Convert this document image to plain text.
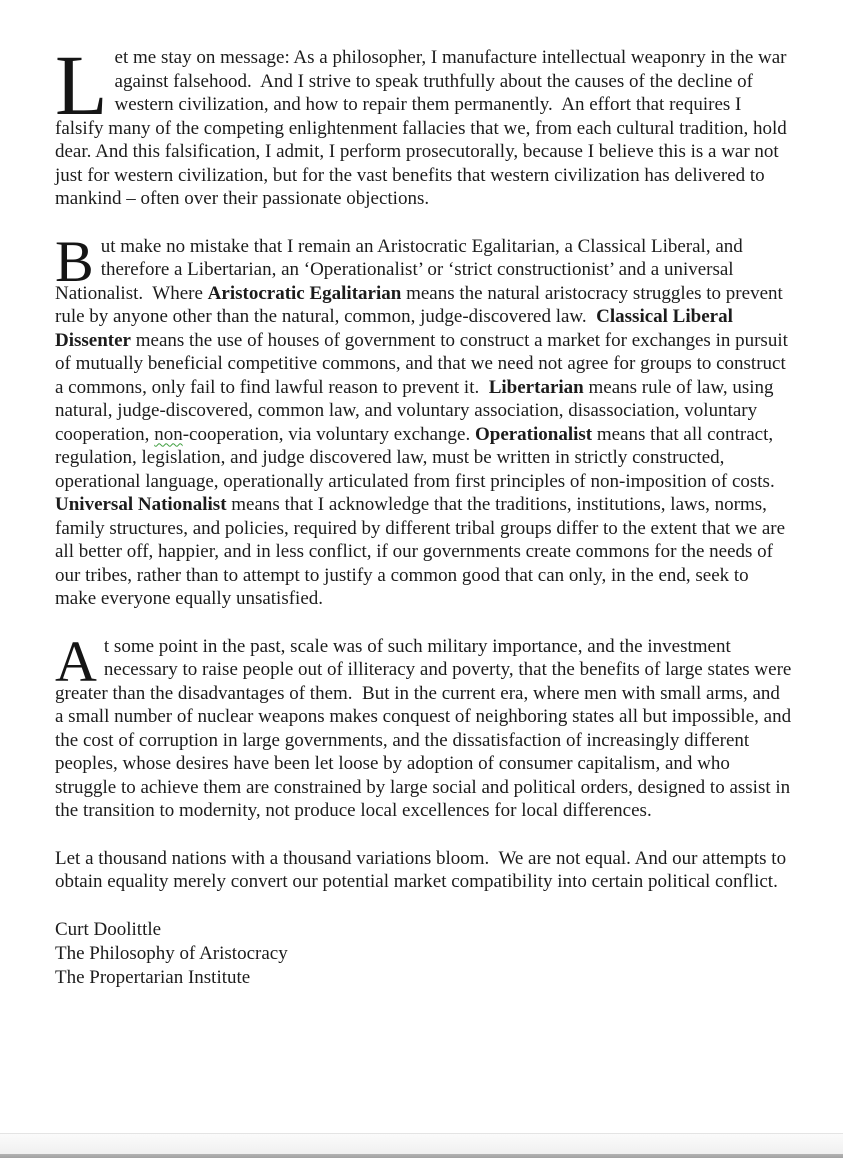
Let me stay on message: As a philosopher, I manufacture intellectual weaponry in the war against falsehood.  And I strive to speak truthfully about the causes of the decline of western civilization, and how to repair them permanently.  An effort that requires I falsify many of the competing enlightenment fallacies that we, from each cultural tradition, hold dear. And this falsification, I admit, I perform prosecutorally, because I believe this is a war not just for western civilization, but for the vast benefits that western civilization has delivered to mankind – often over their passionate objections.

But make no mistake that I remain an Aristocratic Egalitarian, a Classical Liberal, and therefore a Libertarian, an ‘Operationalist’ or ‘strict constructionist’ and a universal Nationalist.  Where Aristocratic Egalitarian means the natural aristocracy struggles to prevent rule by anyone other than the natural, common, judge-discovered law.  Classical Liberal Dissenter means the use of houses of government to construct a market for exchanges in pursuit of mutually beneficial competitive commons, and that we need not agree for groups to construct a commons, only fail to find lawful reason to prevent it.  Libertarian means rule of law, using natural, judge-discovered, common law, and voluntary association, disassociation, voluntary cooperation, non-cooperation, via voluntary exchange. Operationalist means that all contract, regulation, legislation, and judge discovered law, must be written in strictly constructed, operational language, operationally articulated from first principles of non-imposition of costs.  Universal Nationalist means that I acknowledge that the traditions, institutions, laws, norms, family structures, and policies, required by different tribal groups differ to the extent that we are all better off, happier, and in less conflict, if our governments create commons for the needs of our tribes, rather than to attempt to justify a common good that can only, in the end, seek to make everyone equally unsatisfied.

At some point in the past, scale was of such military importance, and the investment necessary to raise people out of illiteracy and poverty, that the benefits of large states were greater than the disadvantages of them.  But in the current era, where men with small arms, and a small number of nuclear weapons makes conquest of neighboring states all but impossible, and the cost of corruption in large governments, and the dissatisfaction of increasingly different peoples, whose desires have been let loose by adoption of consumer capitalism, and who struggle to achieve them are constrained by large social and political orders, designed to assist in the transition to modernity, not produce local excellences for local differences.

Let a thousand nations with a thousand variations bloom.  We are not equal. And our attempts to obtain equality merely convert our potential market compatibility into certain political conflict.

Curt Doolittle
The Philosophy of Aristocracy
The Propertarian Institute
